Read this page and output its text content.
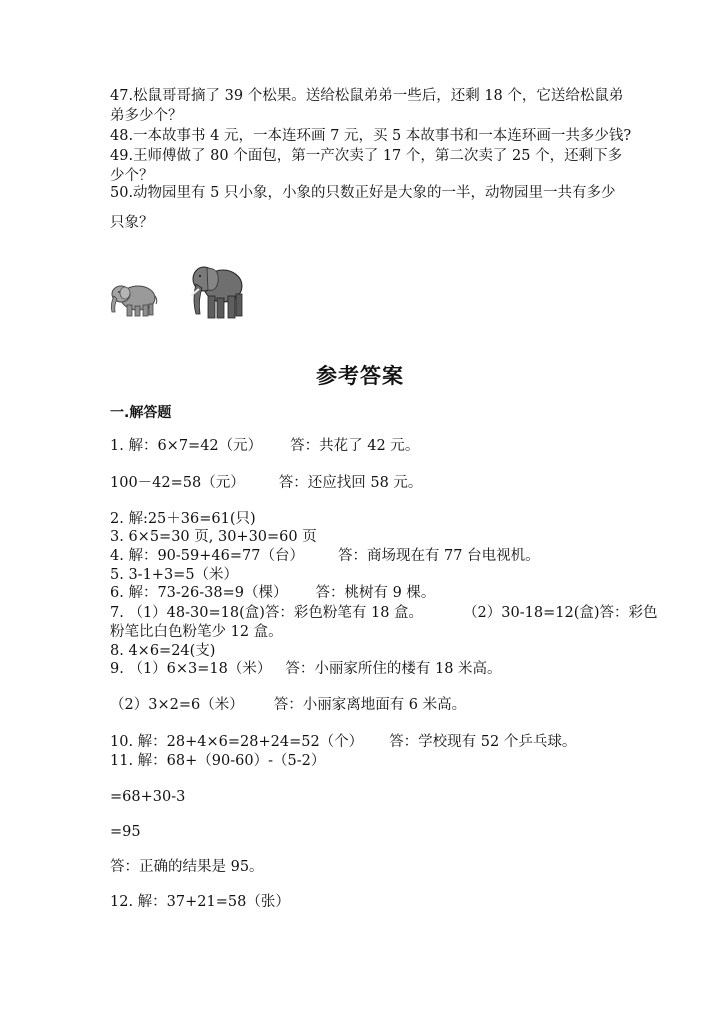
47.松鼠哥哥摘了 39 个松果。送给松鼠弟弟一些后，还剩 18 个，它送给松鼠弟
弟多少个？
48.一本故事书 4 元，一本连环画 7 元，买 5 本故事书和一本连环画一共多少钱?
49.王师傅做了 80 个面包，第一产次卖了 17 个，第二次卖了 25 个，还剩下多
少个？
50.动物园里有 5 只小象，小象的只数正好是大象的一半，动物园里一共有多少
只象？
参考答案
一.解答题
1. 解：6×7=42（元） 答：共花了 42 元。
100－42=58（元） 答：还应找回 58 元。
2. 解:25＋36=61(只)
3. 6×5=30 页, 30+30=60 页
4. 解：90-59+46=77（台） 答：商场现在有 77 台电视机。
5. 3-1+3=5（米）
6. 解：73-26-38=9（棵） 答：桃树有 9 棵。
7. （1）48-30=18(盒)答：彩色粉笔有 18 盒。	（2）30-18=12(盒)答：彩色
粉笔比白色粉笔少 12 盒。
8. 4×6=24(支)
9. （1）6×3=18（米） 答：小丽家所住的楼有 18 米高。
（2）3×2=6（米） 答：小丽家离地面有 6 米高。
10. 解：28+4×6=28+24=52（个） 答：学校现有 52 个乒乓球。
11. 解：68+（90-60）-（5-2）
=68+30-3
=95
答：正确的结果是 95。
12. 解：37+21=58（张）
